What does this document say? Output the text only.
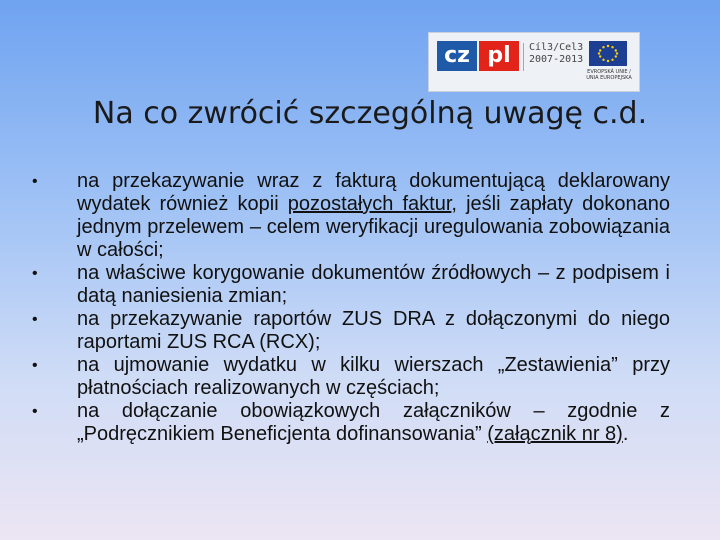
cz pl	Cíl3/Cel3
2007-2013
EVROPSKÁ UNIE / UNIA EUROPEJSKA
Na co zwrócić szczególną uwagę c.d.
• na przekazywanie wraz z fakturą dokumentującą deklarowany wydatek również kopii pozostałych faktur, jeśli zapłaty dokonano jednym przelewem – celem weryfikacji uregulowania zobowiązania w całości;
• na właściwe korygowanie dokumentów źródłowych – z podpisem i datą naniesienia zmian;
• na przekazywanie raportów ZUS DRA z dołączonymi do niego raportami ZUS RCA (RCX);
• na ujmowanie wydatku w kilku wierszach „Zestawienia” przy płatnościach realizowanych w częściach;
• na dołączanie obowiązkowych załączników – zgodnie z „Podręcznikiem Beneficjenta dofinansowania” (załącznik nr 8).
